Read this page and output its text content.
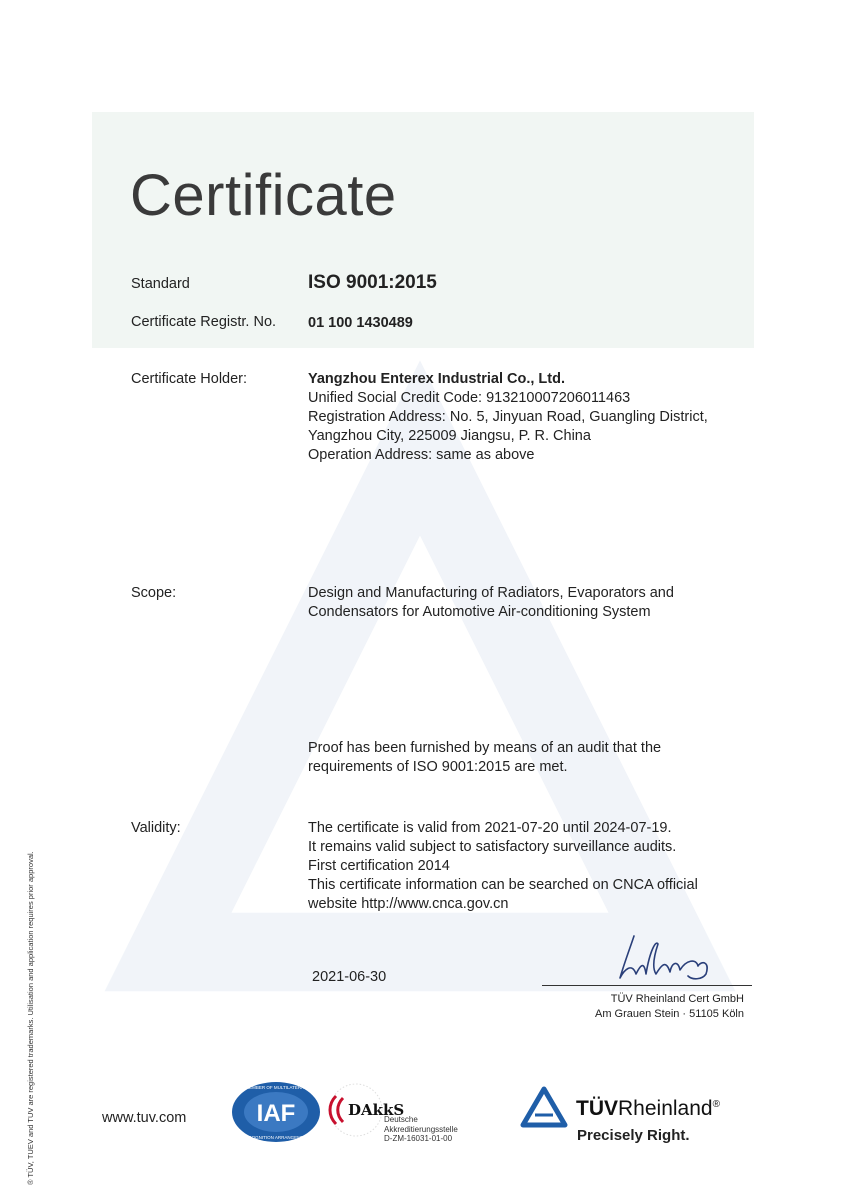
Certificate
Standard	ISO 9001:2015
Certificate Registr. No. 01 100 1430489
Certificate Holder:	Yangzhou Enterex Industrial Co., Ltd.
Unified Social Credit Code: 913210007206011463
Registration Address: No. 5, Jinyuan Road, Guangling District,
Yangzhou City, 225009 Jiangsu, P. R. China
Operation Address: same as above
Scope:	Design and Manufacturing of Radiators, Evaporators and
Condensators for Automotive Air-conditioning System
Proof has been furnished by means of an audit that the
requirements of ISO 9001:2015 are met.
Validity:	The certificate is valid from 2021-07-20 until 2024-07-19.
It remains valid subject to satisfactory surveillance audits.
First certification 2014
This certificate information can be searched on CNCA official
website http://www.cnca.gov.cn
2021-06-30
TÜV Rheinland Cert GmbH
Am Grauen Stein · 51105 Köln
® TÜV, TUEV and TUV are registered trademarks. Utilisation and application requires prior approval.	www.tuv.com	IAF
MEMBER OF MULTILATERAL
RECOGNITION ARRANGEMENT
DAkkS
Deutsche
Akkreditierungsstelle
D-ZM-16031-01-00
TÜVRheinland®
Precisely Right.
